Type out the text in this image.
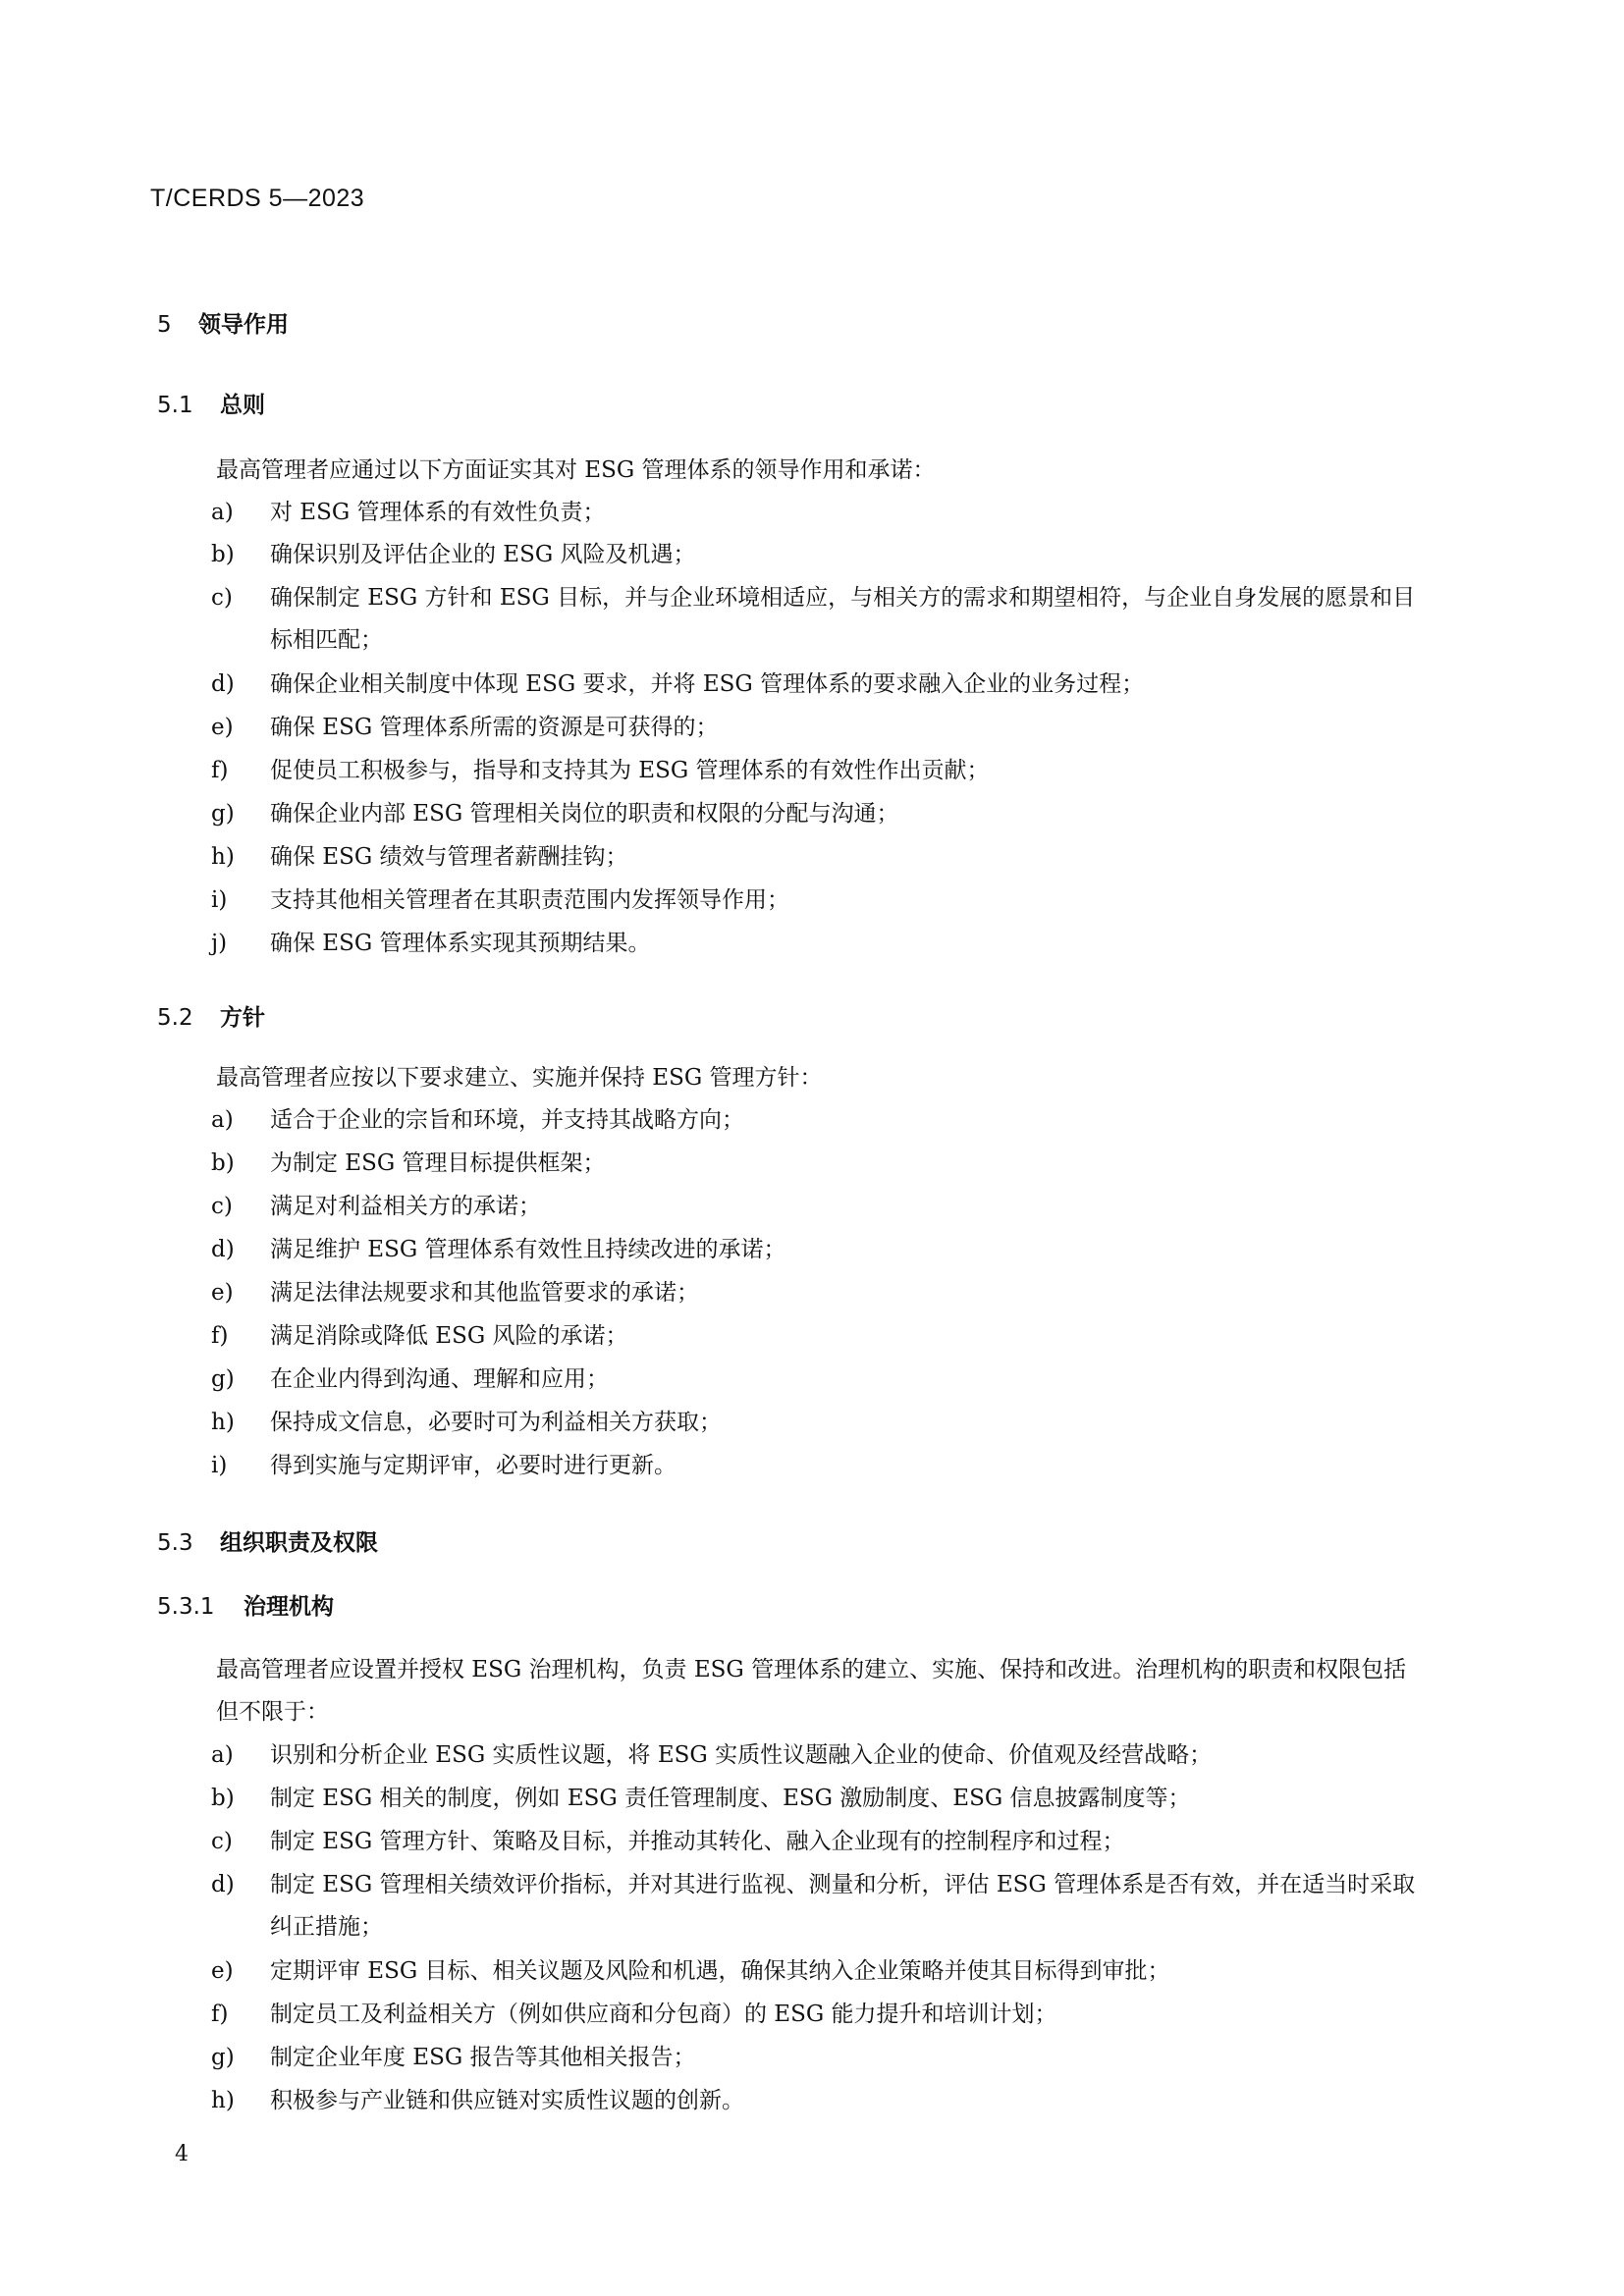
T/CERDS 5—2023
5 领导作用
5.1 总则
最高管理者应通过以下方面证实其对 ESG 管理体系的领导作用和承诺：
a) 对 ESG 管理体系的有效性负责；
b) 确保识别及评估企业的 ESG 风险及机遇；
c) 确保制定 ESG 方针和 ESG 目标，并与企业环境相适应，与相关方的需求和期望相符，与企业自身发展的愿景和目标相匹配；
d) 确保企业相关制度中体现 ESG 要求，并将 ESG 管理体系的要求融入企业的业务过程；
e) 确保 ESG 管理体系所需的资源是可获得的；
f) 促使员工积极参与，指导和支持其为 ESG 管理体系的有效性作出贡献；
g) 确保企业内部 ESG 管理相关岗位的职责和权限的分配与沟通；
h) 确保 ESG 绩效与管理者薪酬挂钩；
i) 支持其他相关管理者在其职责范围内发挥领导作用；
j) 确保 ESG 管理体系实现其预期结果。
5.2 方针
最高管理者应按以下要求建立、实施并保持 ESG 管理方针：
a) 适合于企业的宗旨和环境，并支持其战略方向；
b) 为制定 ESG 管理目标提供框架；
c) 满足对利益相关方的承诺；
d) 满足维护 ESG 管理体系有效性且持续改进的承诺；
e) 满足法律法规要求和其他监管要求的承诺；
f) 满足消除或降低 ESG 风险的承诺；
g) 在企业内得到沟通、理解和应用；
h) 保持成文信息，必要时可为利益相关方获取；
i) 得到实施与定期评审，必要时进行更新。
5.3 组织职责及权限
5.3.1 治理机构
最高管理者应设置并授权 ESG 治理机构，负责 ESG 管理体系的建立、实施、保持和改进。治理机构的职责和权限包括但不限于：
a) 识别和分析企业 ESG 实质性议题，将 ESG 实质性议题融入企业的使命、价值观及经营战略；
b) 制定 ESG 相关的制度，例如 ESG 责任管理制度、ESG 激励制度、ESG 信息披露制度等；
c) 制定 ESG 管理方针、策略及目标，并推动其转化、融入企业现有的控制程序和过程；
d) 制定 ESG 管理相关绩效评价指标，并对其进行监视、测量和分析，评估 ESG 管理体系是否有效，并在适当时采取纠正措施；
e) 定期评审 ESG 目标、相关议题及风险和机遇，确保其纳入企业策略并使其目标得到审批；
f) 制定员工及利益相关方（例如供应商和分包商）的 ESG 能力提升和培训计划；
g) 制定企业年度 ESG 报告等其他相关报告；
h) 积极参与产业链和供应链对实质性议题的创新。
4
